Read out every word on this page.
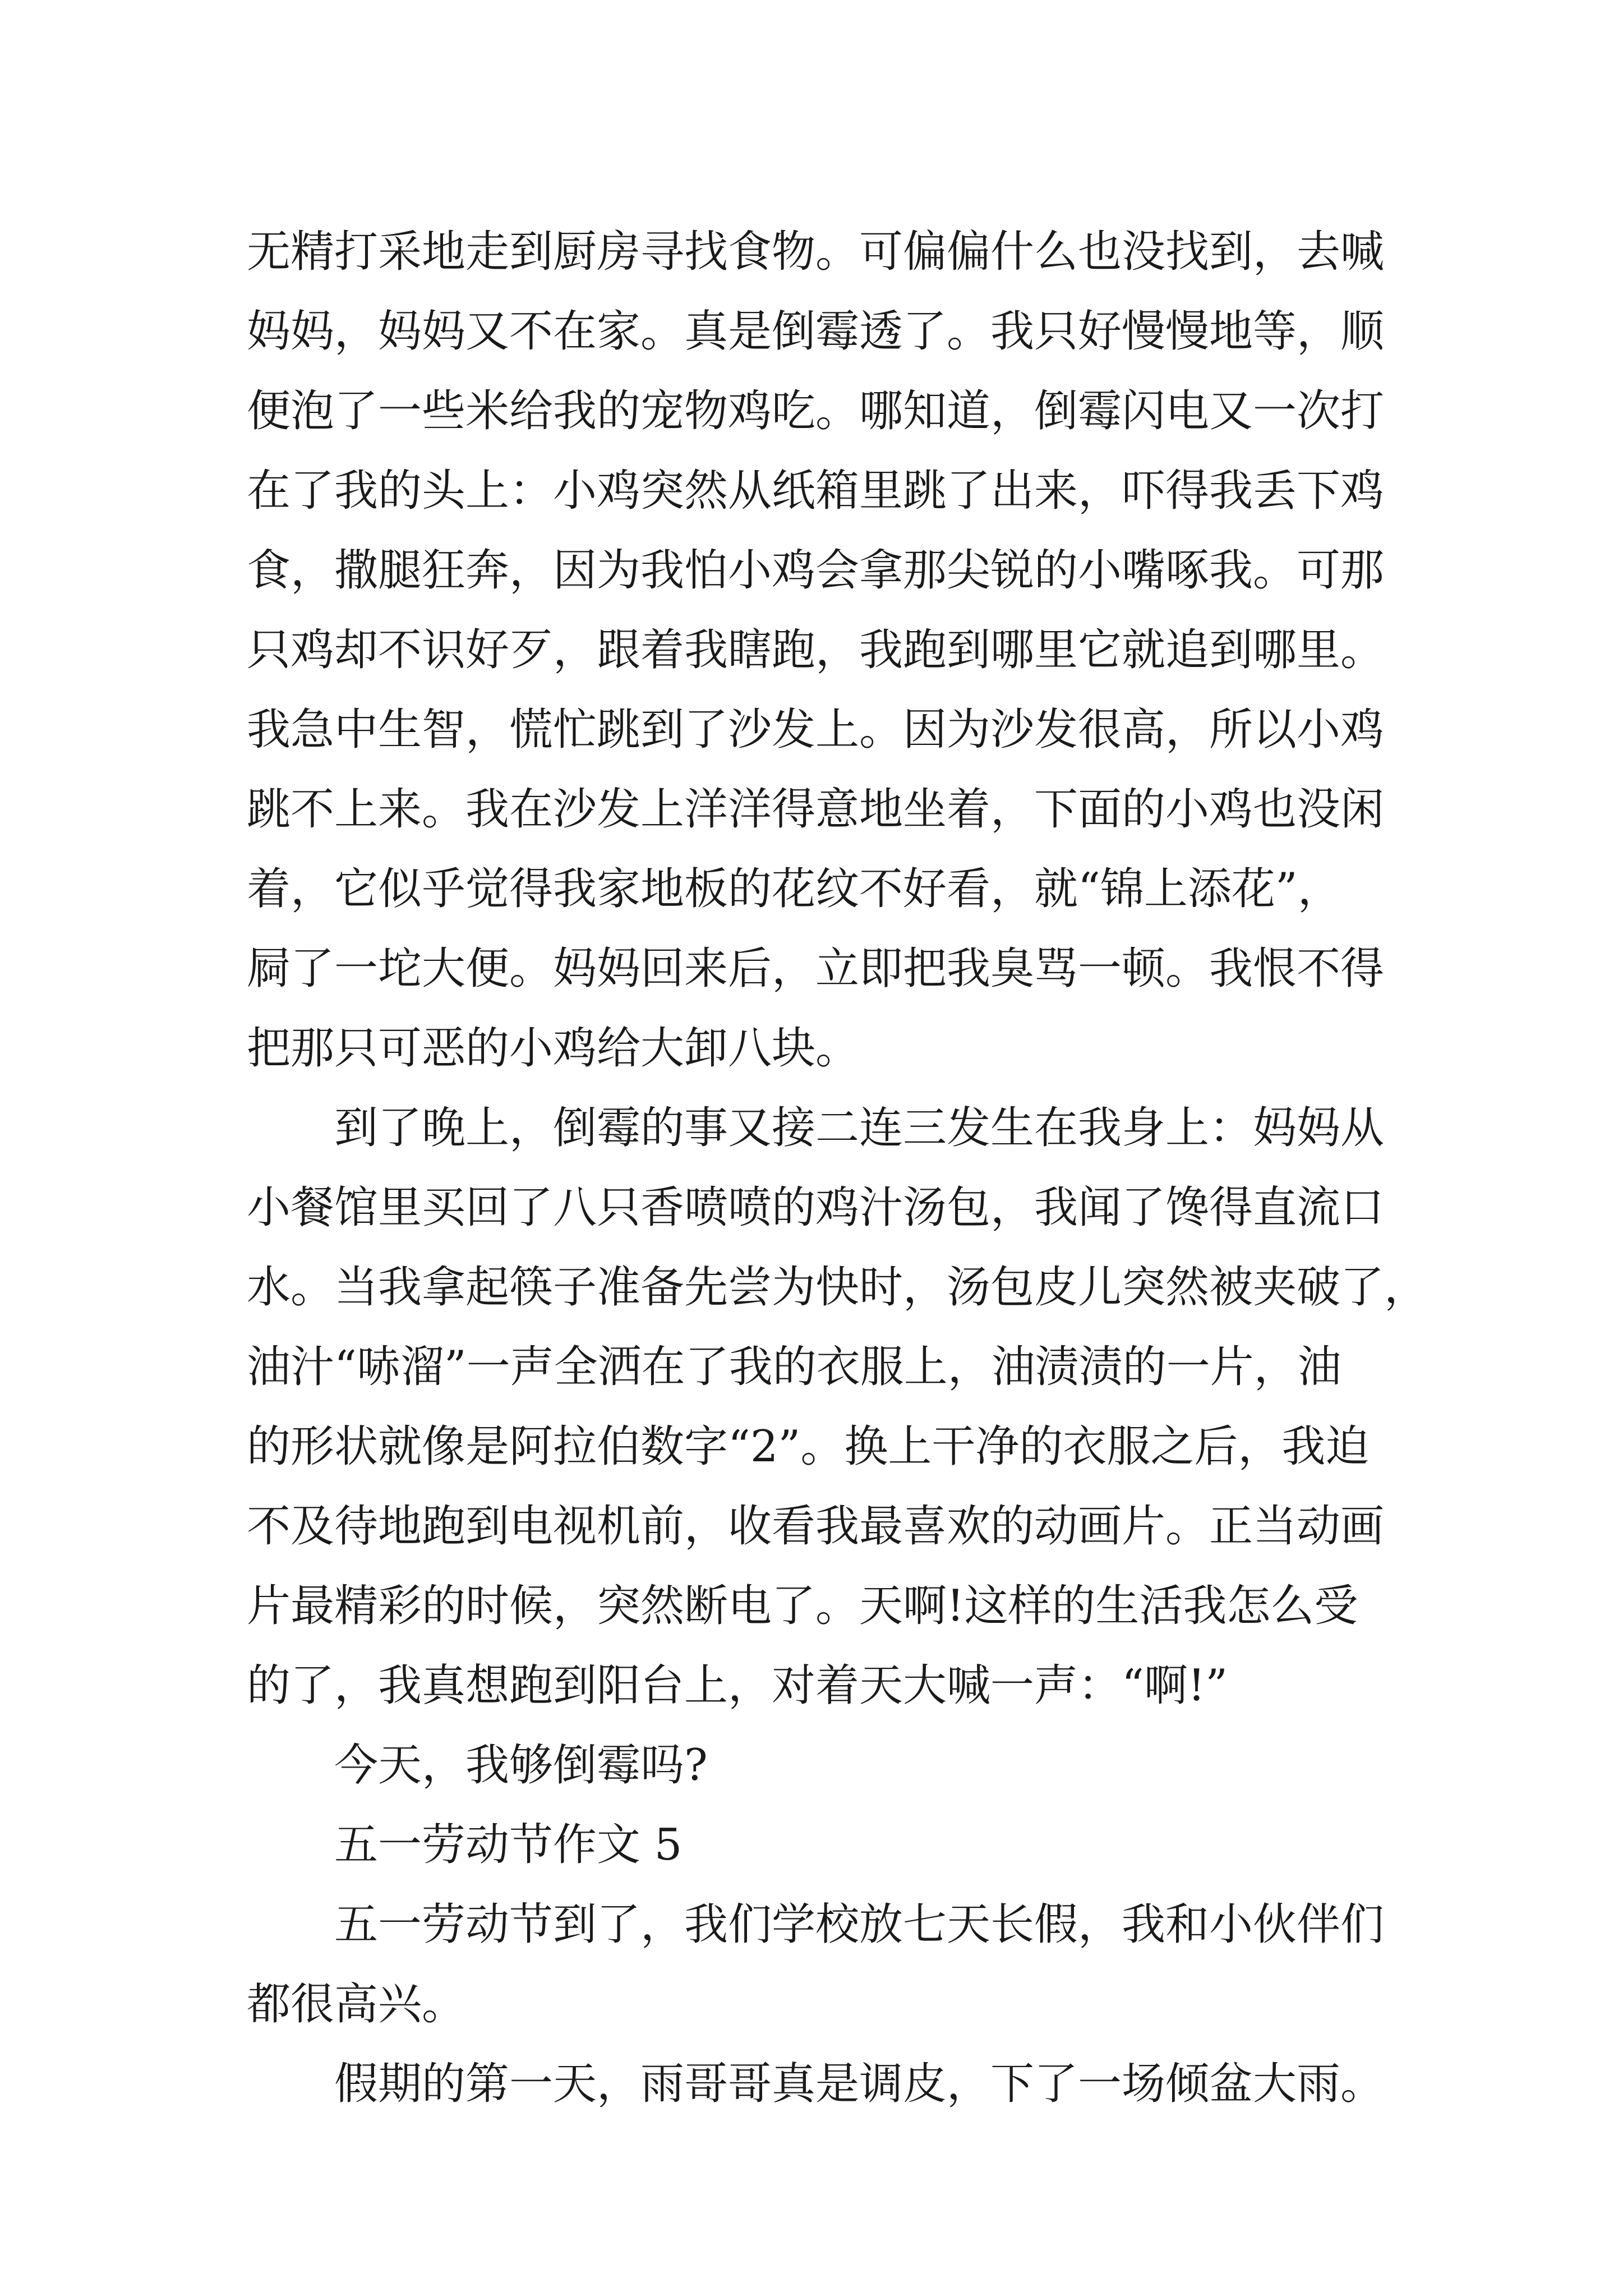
无精打采地走到厨房寻找食物。可偏偏什么也没找到，去喊
妈妈，妈妈又不在家。真是倒霉透了。我只好慢慢地等，顺
便泡了一些米给我的宠物鸡吃。哪知道，倒霉闪电又一次打
在了我的头上：小鸡突然从纸箱里跳了出来，吓得我丢下鸡
食，撒腿狂奔，因为我怕小鸡会拿那尖锐的小嘴啄我。可那
只鸡却不识好歹，跟着我瞎跑，我跑到哪里它就追到哪里。
我急中生智，慌忙跳到了沙发上。因为沙发很高，所以小鸡
跳不上来。我在沙发上洋洋得意地坐着，下面的小鸡也没闲
着，它似乎觉得我家地板的花纹不好看，就“锦上添花”，
屙了一坨大便。妈妈回来后，立即把我臭骂一顿。我恨不得
把那只可恶的小鸡给大卸八块。
到了晚上，倒霉的事又接二连三发生在我身上：妈妈从
小餐馆里买回了八只香喷喷的鸡汁汤包，我闻了馋得直流口
水。当我拿起筷子准备先尝为快时，汤包皮儿突然被夹破了，
油汁“哧溜”一声全洒在了我的衣服上，油渍渍的一片，油
的形状就像是阿拉伯数字“2”。换上干净的衣服之后，我迫
不及待地跑到电视机前，收看我最喜欢的动画片。正当动画
片最精彩的时候，突然断电了。天啊!这样的生活我怎么受
的了，我真想跑到阳台上，对着天大喊一声：“啊!”
今天，我够倒霉吗?
五一劳动节作文 5
五一劳动节到了，我们学校放七天长假，我和小伙伴们
都很高兴。
假期的第一天，雨哥哥真是调皮，下了一场倾盆大雨。
